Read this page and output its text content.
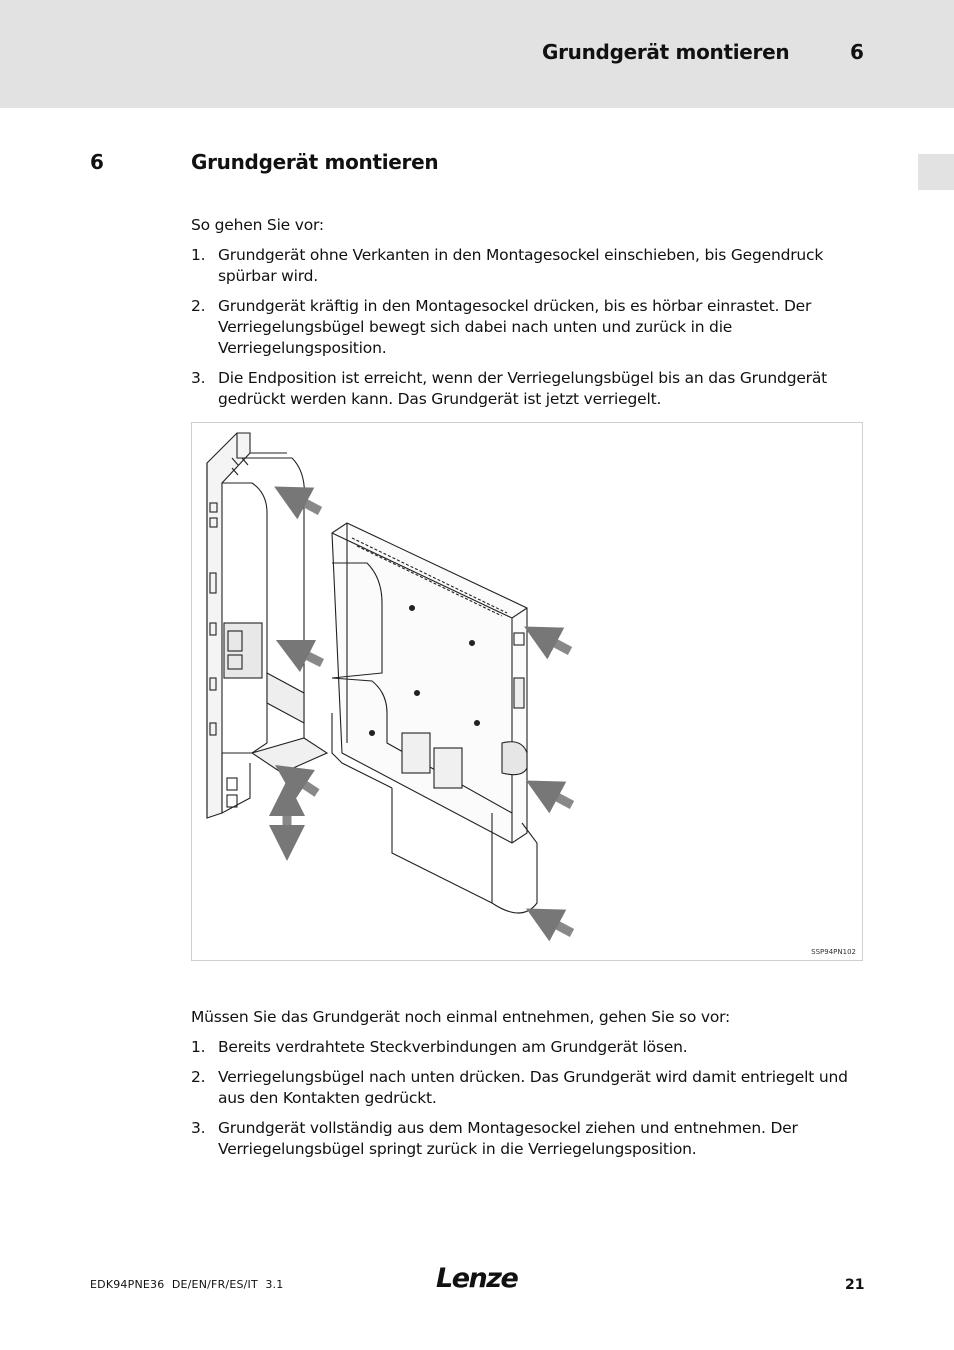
Grundgerät montieren	6
6	Grundgerät montieren

So gehen Sie vor:

1. Grundgerät ohne Verkanten in den Montagesockel einschieben, bis Gegendruck spürbar wird.
2. Grundgerät kräftig in den Montagesockel drücken, bis es hörbar einrastet. Der Verriegelungsbügel bewegt sich dabei nach unten und zurück in die Verriegelungsposition.
3. Die Endposition ist erreicht, wenn der Verriegelungsbügel bis an das Grundgerät gedrückt werden kann. Das Grundgerät ist jetzt verriegelt.
SSP94PN102

Müssen Sie das Grundgerät noch einmal entnehmen, gehen Sie so vor:

1. Bereits verdrahtete Steckverbindungen am Grundgerät lösen.
2. Verriegelungsbügel nach unten drücken. Das Grundgerät wird damit entriegelt und aus den Kontakten gedrückt.
3. Grundgerät vollständig aus dem Montagesockel ziehen und entnehmen. Der Verriegelungsbügel springt zurück in die Verriegelungsposition.
EDK94PNE36  DE/EN/FR/ES/IT  3.1	Lenze	21
